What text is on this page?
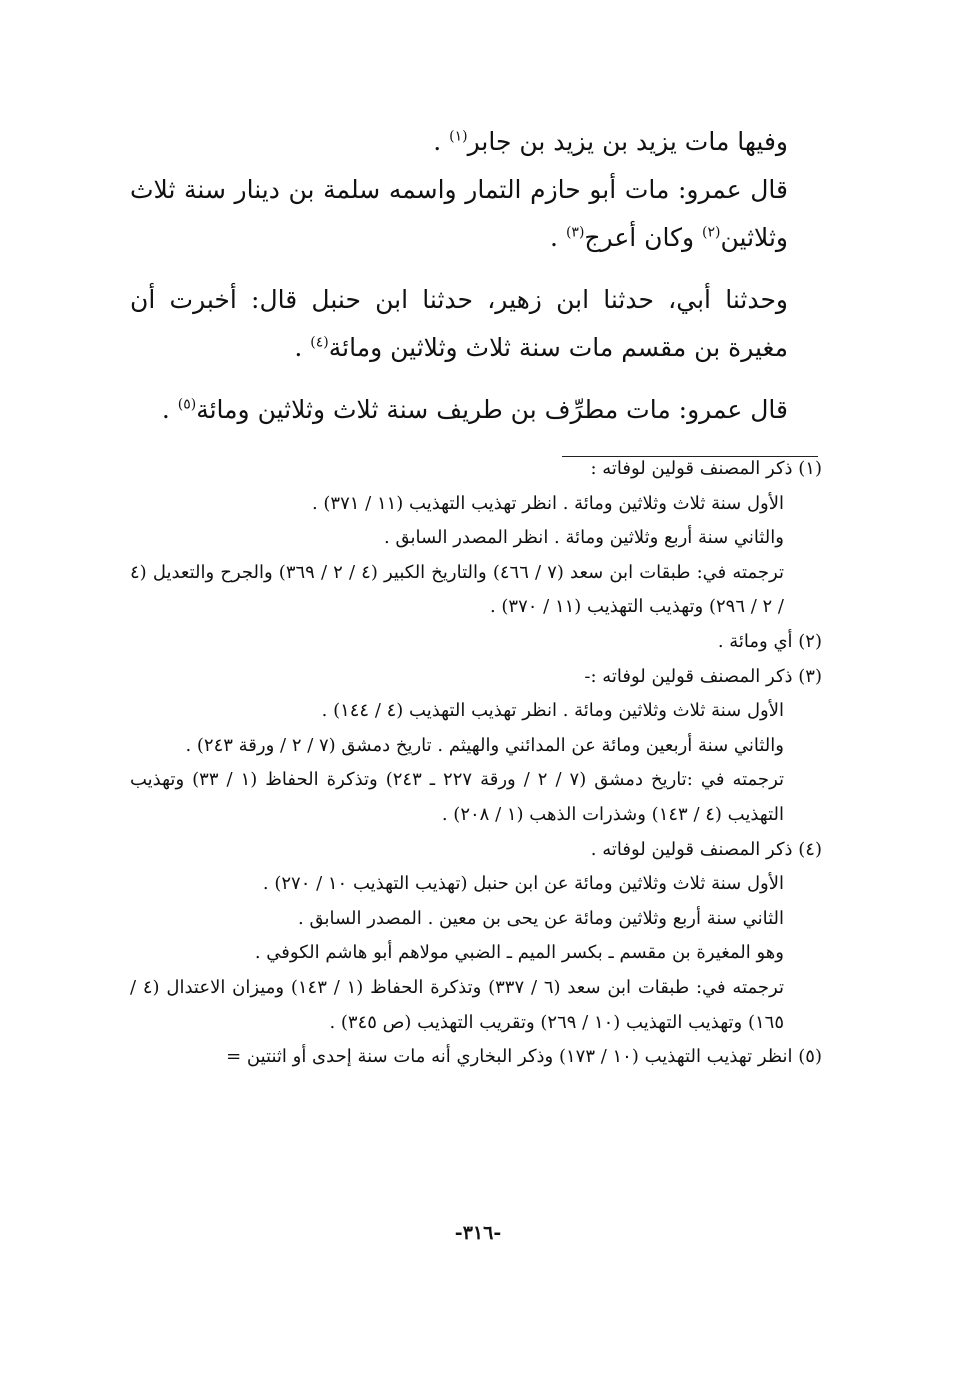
وفيها مات يزيد بن يزيد بن جابر$^{(١)}$ .

قال عمرو: مات أبو حازم التمار واسمه سلمة بن دينار سنة ثلاث وثلاثين$^{(٢)}$ وكان أعرج$^{(٣)}$ .

وحدثنا أبي، حدثنا ابن زهير، حدثنا ابن حنبل قال: أخبرت أن مغيرة بن مقسم مات سنة ثلاث وثلاثين ومائة$^{(٤)}$ .

قال عمرو: مات مطرِّف بن طريف سنة ثلاث وثلاثين ومائة$^{(٥)}$ .

(١) ذكر المصنف قولين لوفاته :

الأول سنة ثلاث وثلاثين ومائة . انظر تهذيب التهذيب (١١ / ٣٧١) .

والثاني سنة أربع وثلاثين ومائة . انظر المصدر السابق .

ترجمته في: طبقات ابن سعد (٧ / ٤٦٦) والتاريخ الكبير (٤ / ٢ / ٣٦٩) والجرح والتعديل (٤ / ٢ / ٢٩٦) وتهذيب التهذيب (١١ / ٣٧٠) .

(٢) أي ومائة .

(٣) ذكر المصنف قولين لوفاته :-

الأول سنة ثلاث وثلاثين ومائة . انظر تهذيب التهذيب (٤ / ١٤٤) .

والثاني سنة أربعين ومائة عن المدائني والهيثم . تاريخ دمشق (٧ / ٢ / ورقة ٢٤٣) .

ترجمته في :تاريخ دمشق (٧ / ٢ / ورقة ٢٢٧ ـ ٢٤٣) وتذكرة الحفاظ (١ / ٣٣) وتهذيب التهذيب (٤ / ١٤٣) وشذرات الذهب (١ / ٢٠٨) .

(٤) ذكر المصنف قولين لوفاته .

الأول سنة ثلاث وثلاثين ومائة عن ابن حنبل (تهذيب التهذيب ١٠ / ٢٧٠) .

الثاني سنة أربع وثلاثين ومائة عن يحى بن معين . المصدر السابق .

وهو المغيرة بن مقسم ـ بكسر الميم ـ الضبي مولاهم أبو هاشم الكوفي .

ترجمته في: طبقات ابن سعد (٦ / ٣٣٧) وتذكرة الحفاظ (١ / ١٤٣) وميزان الاعتدال (٤ / ١٦٥) وتهذيب التهذيب (١٠ / ٢٦٩) وتقريب التهذيب (ص ٣٤٥) .

(٥) انظر تهذيب التهذيب (١٠ / ١٧٣) وذكر البخاري أنه مات سنة إحدى أو اثنتين =

-٣١٦-
